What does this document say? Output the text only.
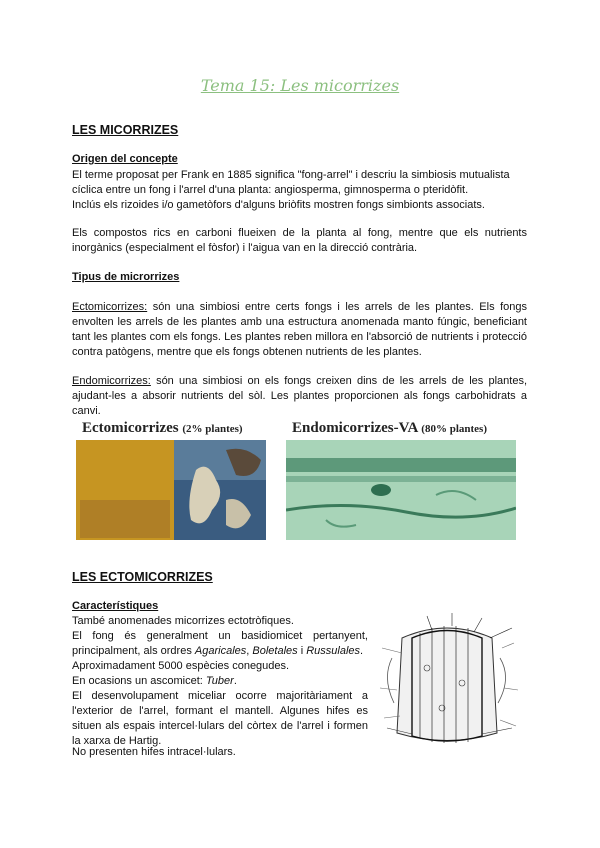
Tema 15: Les micorrizes
LES MICORRIZES
Origen del concepte
El terme proposat per Frank en 1885 significa "fong-arrel" i descriu la simbiosis mutualista
cíclica entre un fong i l'arrel d'una planta: angiosperma, gimnosperma o pteridòfit.
Inclús els rizoides i/o gametòfors d'alguns briòfits mostren fongs simbionts associats.

Els compostos rics en carboni flueixen de la planta al fong, mentre que els nutrients inorgànics (especialment el fòsfor) i l'aigua van en la direcció contrària.

Tipus de microrrizes

Ectomicorrizes: són una simbiosi entre certs fongs i les arrels de les plantes. Els fongs envolten les arrels de les plantes amb una estructura anomenada manto fúngic, beneficiant tant les plantes com els fongs. Les plantes reben millora en l'absorció de nutrients i protecció contra patògens, mentre que els fongs obtenen nutrients de les plantes.

Endomicorrizes: són una simbiosi on els fongs creixen dins de les arrels de les plantes, ajudant-les a absorir nutrients del sòl. Les plantes proporcionen als fongs carbohidrats a canvi.

Ectomicorrizes (2% plantes)	Endomicorrizes-VA (80% plantes)
LES ECTOMICORRIZES
Característiques
També anomenades micorrizes ectotròfiques.

El fong és generalment un basidiomicet pertanyent, principalment, als ordres Agaricales, Boletales i Russulales.

Aproximadament 5000 espècies conegudes.
En ocasions un ascomicet: Tuber.

El desenvolupament miceliar ocorre majoritàriament a l'exterior de l'arrel, formant el mantell. Algunes hifes es situen als espais intercel·lulars del còrtex de l'arrel i formen la xarxa de Hartig.

No presenten hifes intracel·lulars.
